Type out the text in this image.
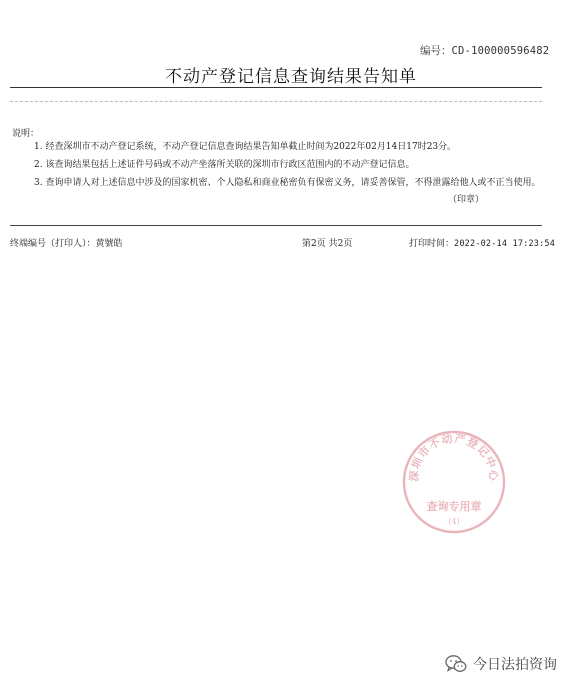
编号：CD-100000596482
不动产登记信息查询结果告知单
说明：
1. 经查深圳市不动产登记系统，不动产登记信息查询结果告知单截止时间为2022年02月14日17时23分。
2. 该查询结果包括上述证件号码或不动产坐落所关联的深圳市行政区范围内的不动产登记信息。
3. 查询申请人对上述信息中涉及的国家机密、个人隐私和商业秘密负有保密义务，请妥善保管，不得泄露给他人或不正当使用。
（印章）
终端编号（打印人）：黄號皓	第2页 共2页	打印时间：2022-02-14 17:23:54
深圳市不动产登记中心
查询专用章
(4)
今日法拍资询
